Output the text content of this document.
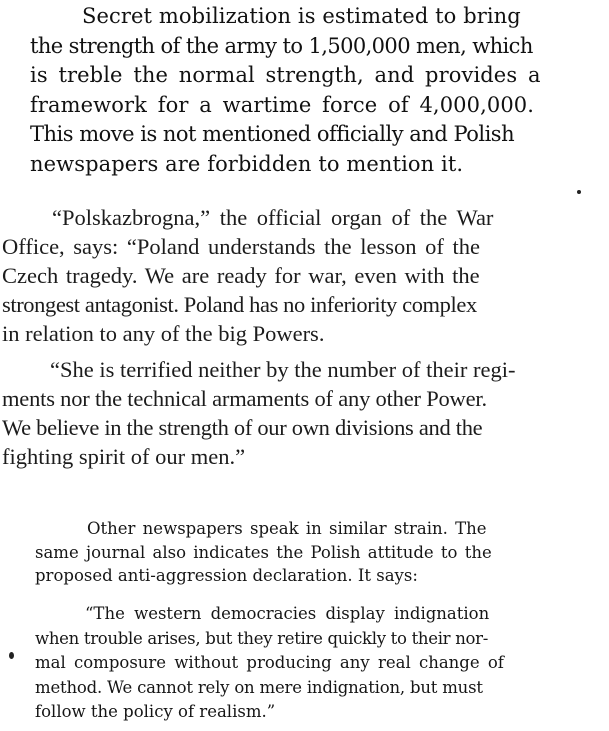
Secret mobilization is estimated to bring
the strength of the army to 1,500,000 men, which
is treble the normal strength, and provides a
framework for a wartime force of 4,000,000.
This move is not mentioned officially and Polish
newspapers are forbidden to mention it.
“Polskazbrogna,” the official organ of the War
Office, says: “Poland understands the lesson of the
Czech tragedy. We are ready for war, even with the
strongest antagonist. Poland has no inferiority complex
in relation to any of the big Powers.
“She is terrified neither by the number of their regi-
ments nor the technical armaments of any other Power.
We believe in the strength of our own divisions and the
fighting spirit of our men.”
Other newspapers speak in similar strain. The
same journal also indicates the Polish attitude to the
proposed anti-aggression declaration. It says:
“The western democracies display indignation
when trouble arises, but they retire quickly to their nor-
mal composure without producing any real change of
method. We cannot rely on mere indignation, but must
follow the policy of realism.”
